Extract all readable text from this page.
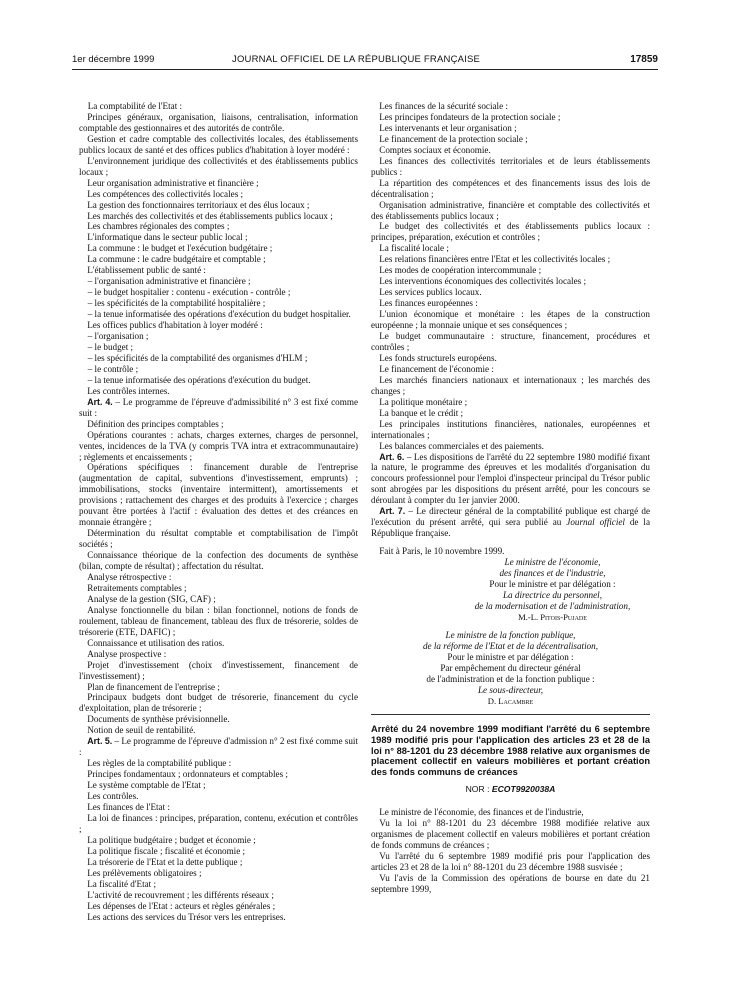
1er décembre 1999	JOURNAL OFFICIEL DE LA RÉPUBLIQUE FRANÇAISE	17859

La comptabilité de l'Etat :

Principes généraux, organisation, liaisons, centralisation, information comptable des gestionnaires et des autorités de contrôle.

Gestion et cadre comptable des collectivités locales, des établissements publics locaux de santé et des offices publics d'habitation à loyer modéré :

L'environnement juridique des collectivités et des établissements publics locaux ;

Leur organisation administrative et financière ;

Les compétences des collectivités locales ;

La gestion des fonctionnaires territoriaux et des élus locaux ;

Les marchés des collectivités et des établissements publics locaux ;

Les chambres régionales des comptes ;

L'informatique dans le secteur public local ;

La commune : le budget et l'exécution budgétaire ;

La commune : le cadre budgétaire et comptable ;

L'établissement public de santé :

– l'organisation administrative et financière ;

– le budget hospitalier : contenu - exécution - contrôle ;

– les spécificités de la comptabilité hospitalière ;

– la tenue informatisée des opérations d'exécution du budget hospitalier.

Les offices publics d'habitation à loyer modéré :

– l'organisation ;

– le budget ;

– les spécificités de la comptabilité des organismes d'HLM ;

– le contrôle ;

– la tenue informatisée des opérations d'exécution du budget.

Les contrôles internes.

Art. 4. – Le programme de l'épreuve d'admissibilité n° 3 est fixé comme suit :

Définition des principes comptables ;

Opérations courantes : achats, charges externes, charges de personnel, ventes, incidences de la TVA (y compris TVA intra et extracommunautaire) ; règlements et encaissements ;

Opérations spécifiques : financement durable de l'entreprise (augmentation de capital, subventions d'investissement, emprunts) ; immobilisations, stocks (inventaire intermittent), amortissements et provisions ; rattachement des charges et des produits à l'exercice ; charges pouvant être portées à l'actif : évaluation des dettes et des créances en monnaie étrangère ;

Détermination du résultat comptable et comptabilisation de l'impôt sociétés ;

Connaissance théorique de la confection des documents de synthèse (bilan, compte de résultat) ; affectation du résultat.

Analyse rétrospective :

Retraitements comptables ;

Analyse de la gestion (SIG, CAF) ;

Analyse fonctionnelle du bilan : bilan fonctionnel, notions de fonds de roulement, tableau de financement, tableau des flux de trésorerie, soldes de trésorerie (ETE, DAFIC) ;

Connaissance et utilisation des ratios.

Analyse prospective :

Projet d'investissement (choix d'investissement, financement de l'investissement) ;

Plan de financement de l'entreprise ;

Principaux budgets dont budget de trésorerie, financement du cycle d'exploitation, plan de trésorerie ;

Documents de synthèse prévisionnelle.

Notion de seuil de rentabilité.

Art. 5. – Le programme de l'épreuve d'admission n° 2 est fixé comme suit :

Les règles de la comptabilité publique :

Principes fondamentaux ; ordonnateurs et comptables ;

Le système comptable de l'Etat ;

Les contrôles.

Les finances de l'Etat :

La loi de finances : principes, préparation, contenu, exécution et contrôles ;

La politique budgétaire ; budget et économie ;

La politique fiscale ; fiscalité et économie ;

La trésorerie de l'Etat et la dette publique ;

Les prélèvements obligatoires ;

La fiscalité d'Etat ;

L'activité de recouvrement ; les différents réseaux ;

Les dépenses de l'Etat : acteurs et règles générales ;

Les actions des services du Trésor vers les entreprises.

Les finances de la sécurité sociale :

Les principes fondateurs de la protection sociale ;

Les intervenants et leur organisation ;

Le financement de la protection sociale ;

Comptes sociaux et économie.

Les finances des collectivités territoriales et de leurs établissements publics :

La répartition des compétences et des financements issus des lois de décentralisation ;

Organisation administrative, financière et comptable des collectivités et des établissements publics locaux ;

Le budget des collectivités et des établissements publics locaux : principes, préparation, exécution et contrôles ;

La fiscalité locale ;

Les relations financières entre l'Etat et les collectivités locales ;

Les modes de coopération intercommunale ;

Les interventions économiques des collectivités locales ;

Les services publics locaux.

Les finances européennes :

L'union économique et monétaire : les étapes de la construction européenne ; la monnaie unique et ses conséquences ;

Le budget communautaire : structure, financement, procédures et contrôles ;

Les fonds structurels européens.

Le financement de l'économie :

Les marchés financiers nationaux et internationaux ; les marchés des changes ;

La politique monétaire ;

La banque et le crédit ;

Les principales institutions financières, nationales, européennes et internationales ;

Les balances commerciales et des paiements.

Art. 6. – Les dispositions de l'arrêté du 22 septembre 1980 modifié fixant la nature, le programme des épreuves et les modalités d'organisation du concours professionnel pour l'emploi d'inspecteur principal du Trésor public sont abrogées par les dispositions du présent arrêté, pour les concours se déroulant à compter du 1er janvier 2000.

Art. 7. – Le directeur général de la comptabilité publique est chargé de l'exécution du présent arrêté, qui sera publié au Journal officiel de la République française.

Fait à Paris, le 10 novembre 1999.

Le ministre de l'économie,

des finances et de l'industrie,

Pour le ministre et par délégation :

La directrice du personnel,

de la modernisation et de l'administration,

M.-L. Pitois-Pujade

Le ministre de la fonction publique,

de la réforme de l'Etat et de la décentralisation,

Pour le ministre et par délégation :

Par empêchement du directeur général

de l'administration et de la fonction publique :

Le sous-directeur,

D. Lacambre

Arrêté du 24 novembre 1999 modifiant l'arrêté du 6 septembre 1989 modifié pris pour l'application des articles 23 et 28 de la loi n° 88-1201 du 23 décembre 1988 relative aux organismes de placement collectif en valeurs mobilières et portant création des fonds communs de créances

NOR : ECOT9920038A

Le ministre de l'économie, des finances et de l'industrie,

Vu la loi n° 88-1201 du 23 décembre 1988 modifiée relative aux organismes de placement collectif en valeurs mobilières et portant création de fonds communs de créances ;

Vu l'arrêté du 6 septembre 1989 modifié pris pour l'application des articles 23 et 28 de la loi n° 88-1201 du 23 décembre 1988 susvisée ;

Vu l'avis de la Commission des opérations de bourse en date du 21 septembre 1999,
